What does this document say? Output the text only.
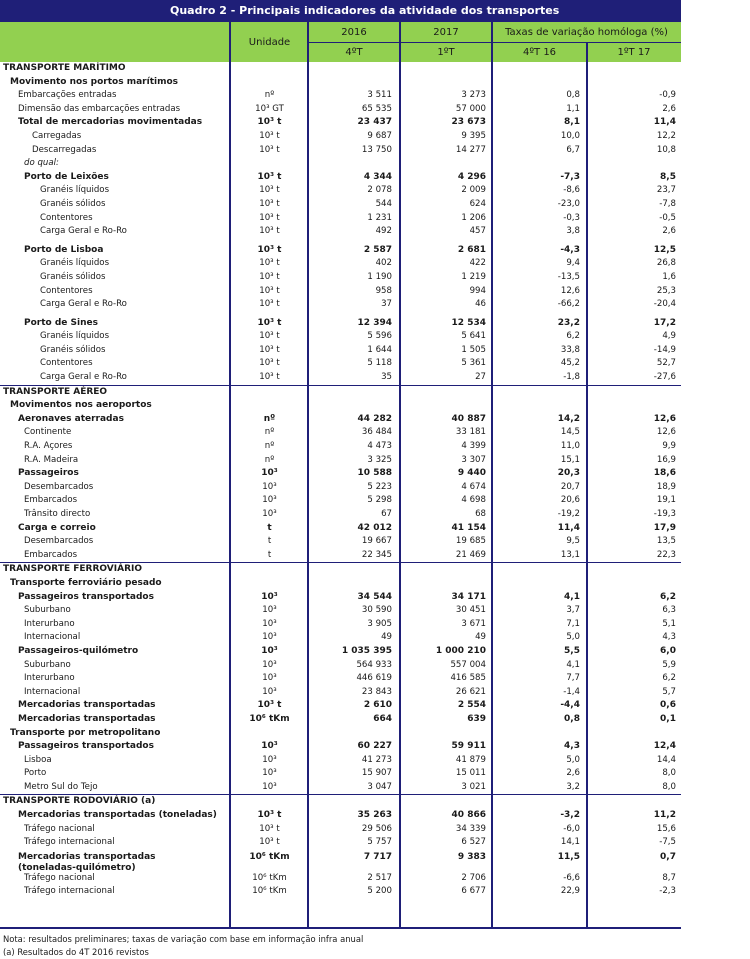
Quadro 2 - Principais indicadores da atividade dos transportes
Unidade
2016	2017	Taxas de variação homóloga (%)
4ºT	1ºT	4ºT 16	1ºT 17
TRANSPORTE MARÍTIMO
Movimento nos portos marítimos
Embarcações entradas	nº	3 511	3 273	0,8	-0,9
Dimensão das embarcações entradas	10³ GT	65 535	57 000	1,1	2,6
Total de mercadorias movimentadas	10³ t	23 437	23 673	8,1	11,4
Carregadas	10³ t	9 687	9 395	10,0	12,2
Descarregadas	10³ t	13 750	14 277	6,7	10,8
do qual:
Porto de Leixões	10³ t	4 344	4 296	-7,3	8,5
Granéis líquidos	10³ t	2 078	2 009	-8,6	23,7
Granéis sólidos	10³ t	544	624	-23,0	-7,8
Contentores	10³ t	1 231	1 206	-0,3	-0,5
Carga Geral e Ro-Ro	10³ t	492	457	3,8	2,6
Porto de Lisboa	10³ t	2 587	2 681	-4,3	12,5
Granéis líquidos	10³ t	402	422	9,4	26,8
Granéis sólidos	10³ t	1 190	1 219	-13,5	1,6
Contentores	10³ t	958	994	12,6	25,3
Carga Geral e Ro-Ro	10³ t	37	46	-66,2	-20,4
Porto de Sines	10³ t	12 394	12 534	23,2	17,2
Granéis líquidos	10³ t	5 596	5 641	6,2	4,9
Granéis sólidos	10³ t	1 644	1 505	33,8	-14,9
Contentores	10³ t	5 118	5 361	45,2	52,7
Carga Geral e Ro-Ro	10³ t	35	27	-1,8	-27,6
TRANSPORTE AÉREO
Movimentos nos aeroportos
Aeronaves aterradas	nº	44 282	40 887	14,2	12,6
Continente	nº	36 484	33 181	14,5	12,6
R.A. Açores	nº	4 473	4 399	11,0	9,9
R.A. Madeira	nº	3 325	3 307	15,1	16,9
Passageiros	10³	10 588	9 440	20,3	18,6
Desembarcados	10³	5 223	4 674	20,7	18,9
Embarcados	10³	5 298	4 698	20,6	19,1
Trânsito directo	10³	67	68	-19,2	-19,3
Carga e correio	t	42 012	41 154	11,4	17,9
Desembarcados	t	19 667	19 685	9,5	13,5
Embarcados	t	22 345	21 469	13,1	22,3
TRANSPORTE FERROVIÁRIO
Transporte ferroviário pesado
Passageiros transportados	10³	34 544	34 171	4,1	6,2
Suburbano	10³	30 590	30 451	3,7	6,3
Interurbano	10³	3 905	3 671	7,1	5,1
Internacional	10³	49	49	5,0	4,3
Passageiros-quilómetro	10³	1 035 395	1 000 210	5,5	6,0
Suburbano	10³	564 933	557 004	4,1	5,9
Interurbano	10³	446 619	416 585	7,7	6,2
Internacional	10³	23 843	26 621	-1,4	5,7
Mercadorias transportadas	10³ t	2 610	2 554	-4,4	0,6
Mercadorias transportadas	10⁶ tKm	664	639	0,8	0,1
Transporte por metropolitano
Passageiros transportados	10³	60 227	59 911	4,3	12,4
Lisboa	10³	41 273	41 879	5,0	14,4
Porto	10³	15 907	15 011	2,6	8,0
Metro Sul do Tejo	10³	3 047	3 021	3,2	8,0
TRANSPORTE RODOVIÁRIO (a)
Mercadorias transportadas (toneladas)	10³ t	35 263	40 866	-3,2	11,2
Tráfego nacional	10³ t	29 506	34 339	-6,0	15,6
Tráfego internacional	10³ t	5 757	6 527	14,1	-7,5
Mercadorias transportadas
(toneladas-quilómetro)
10⁶ tKm	7 717	9 383	11,5	0,7
Tráfego nacional	10⁶ tKm	2 517	2 706	-6,6	8,7
Tráfego internacional	10⁶ tKm	5 200	6 677	22,9	-2,3
Nota: resultados preliminares; taxas de variação com base em informação infra anual
(a) Resultados do 4T 2016 revistos
